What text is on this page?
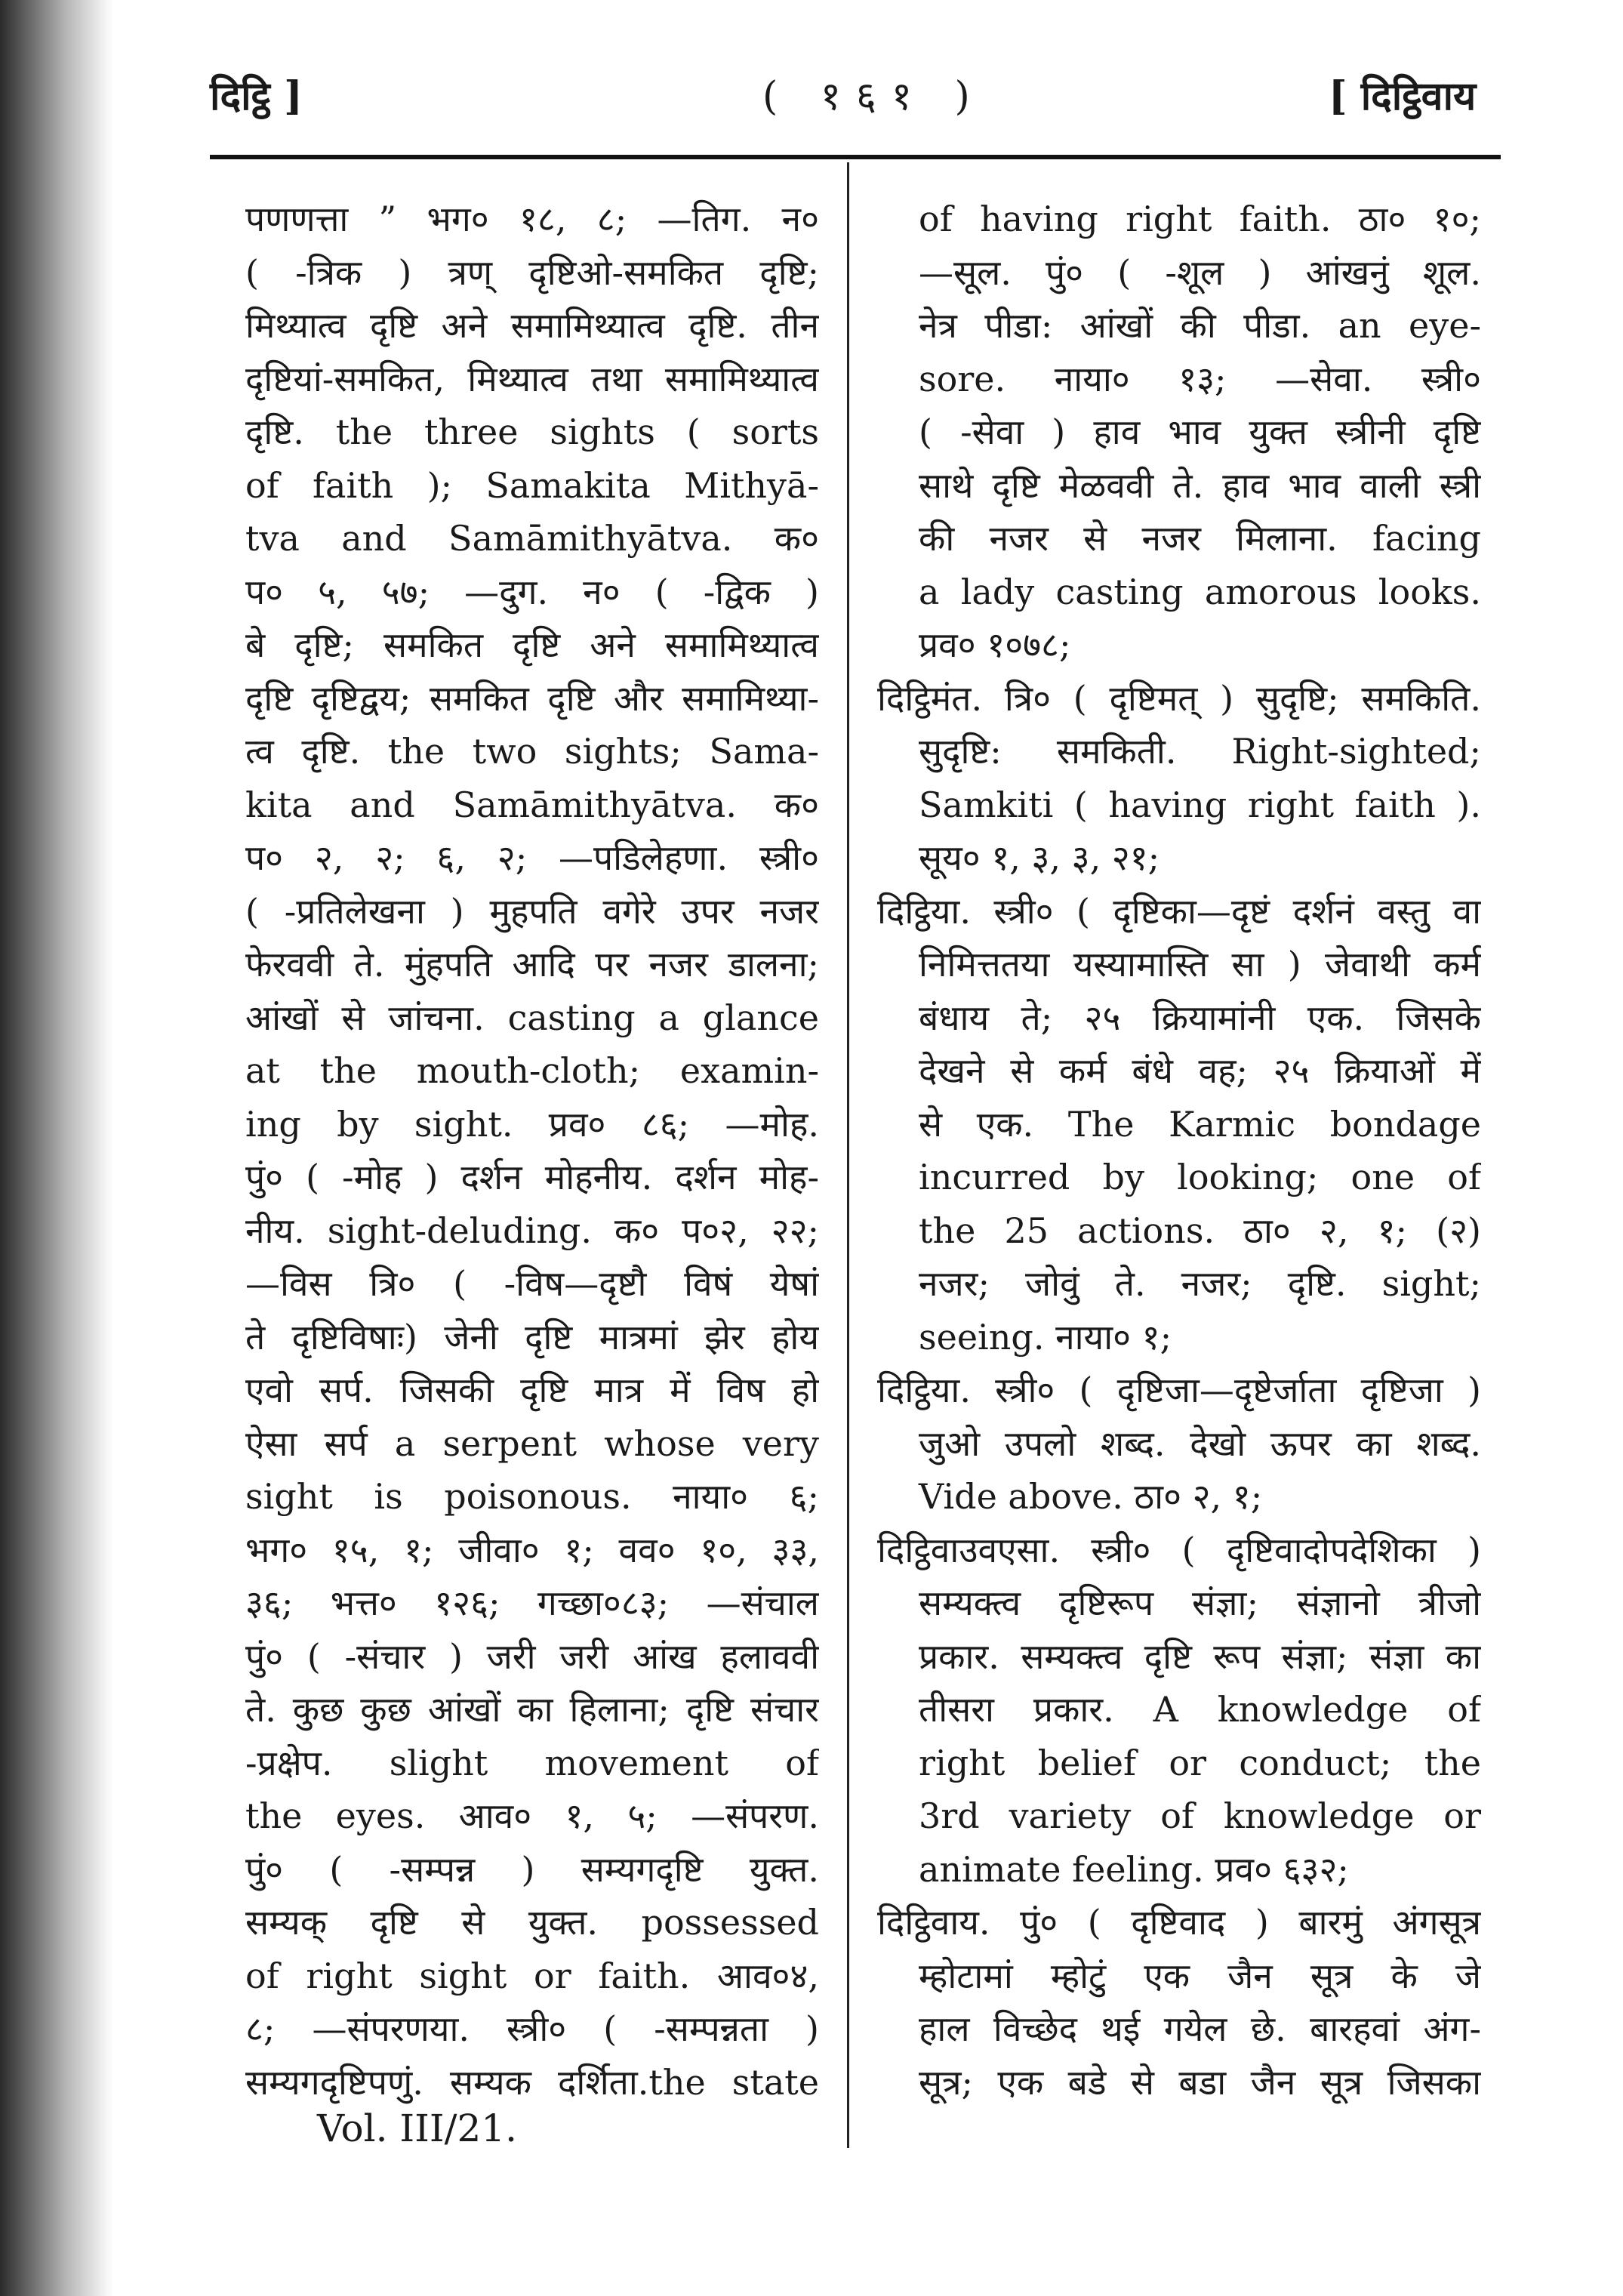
दिट्ठि ]	( १६१ )	[ दिट्ठिवाय
पणणत्ता ” भग० १८, ८; —तिग. न०
( -त्रिक ) त्रण् दृष्टिओ-समकित दृष्टि;
मिथ्यात्व दृष्टि अने समामिथ्यात्व दृष्टि. तीन
दृष्टियां-समकित, मिथ्यात्व तथा समामिथ्यात्व
दृष्टि. the three sights ( sorts
of faith ); Samakita Mithyā-
tva and Samāmithyātva. क०
प० ५, ५७; —दुग. न० ( -द्विक )
बे दृष्टि; समकित दृष्टि अने समामिथ्यात्व
दृष्टि दृष्टिद्वय; समकित दृष्टि और समामिथ्या-
त्व दृष्टि. the two sights; Sama-
kita and Samāmithyātva. क०
प० २, २; ६, २; —पडिलेहणा. स्त्री०
( -प्रतिलेखना ) मुहपति वगेरे उपर नजर
फेरववी ते. मुंहपति आदि पर नजर डालना;
आंखों से जांचना. casting a glance
at the mouth-cloth; examin-
ing by sight. प्रव० ८६; —मोह.
पुं० ( -मोह ) दर्शन मोहनीय. दर्शन मोह-
नीय. sight-deluding. क० प०२, २२;
—विस त्रि० ( -विष—दृष्टौ विषं येषां
ते दृष्टिविषाः) जेनी दृष्टि मात्रमां झेर होय
एवो सर्प. जिसकी दृष्टि मात्र में विष हो
ऐसा सर्प a serpent whose very
sight is poisonous. नाया० ६;
भग० १५, १; जीवा० १; वव० १०, ३३,
३६; भत्त० १२६; गच्छा०८३; —संचाल
पुं० ( -संचार ) जरी जरी आंख हलाववी
ते. कुछ कुछ आंखों का हिलाना; दृष्टि संचार
-प्रक्षेप. slight movement of
the eyes. आव० १, ५; —संपरण.
पुं० ( -सम्पन्न ) सम्यगदृष्टि युक्त.
सम्यक् दृष्टि से युक्त. possessed
of right sight or faith. आव०४,
८; —संपरणया. स्त्री० ( -सम्पन्नता )
सम्यगदृष्टिपणुं. सम्यक दर्शिता.the state
of having right faith. ठा० १०;
—सूल. पुं० ( -शूल ) आंखनुं शूल.
नेत्र पीडा: आंखों की पीडा. an eye-
sore. नाया० १३; —सेवा. स्त्री०
( -सेवा ) हाव भाव युक्त स्त्रीनी दृष्टि
साथे दृष्टि मेळववी ते. हाव भाव वाली स्त्री
की नजर से नजर मिलाना. facing
a lady casting amorous looks.
प्रव० १०७८;
दिट्ठिमंत. त्रि० ( दृष्टिमत् ) सुदृष्टि; समकिति.
सुदृष्टि: समकिती. Right-sighted;
Samkiti ( having right faith ).
सूय० १, ३, ३, २१;
दिट्ठिया. स्त्री० ( दृष्टिका—दृष्टं दर्शनं वस्तु वा
निमित्ततया यस्यामास्ति सा ) जेवाथी कर्म
बंधाय ते; २५ क्रियामांनी एक. जिसके
देखने से कर्म बंधे वह; २५ क्रियाओं में
से एक. The Karmic bondage
incurred by looking; one of
the 25 actions. ठा० २, १; (२)
नजर; जोवुं ते. नजर; दृष्टि. sight;
seeing. नाया० १;
दिट्ठिया. स्त्री० ( दृष्टिजा—दृष्टेर्जाता दृष्टिजा )
जुओ उपलो शब्द. देखो ऊपर का शब्द.
Vide above. ठा० २, १;
दिट्ठिवाउवएसा. स्त्री० ( दृष्टिवादोपदेशिका )
सम्यक्त्व दृष्टिरूप संज्ञा; संज्ञानो त्रीजो
प्रकार. सम्यक्त्व दृष्टि रूप संज्ञा; संज्ञा का
तीसरा प्रकार. A knowledge of
right belief or conduct; the
3rd variety of knowledge or
animate feeling. प्रव० ६३२;
दिट्ठिवाय. पुं० ( दृष्टिवाद ) बारमुं अंगसूत्र
म्होटामां म्होटुं एक जैन सूत्र के जे
हाल विच्छेद थई गयेल छे. बारहवां अंग-
सूत्र; एक बडे से बडा जैन सूत्र जिसका
Vol. III/21.
